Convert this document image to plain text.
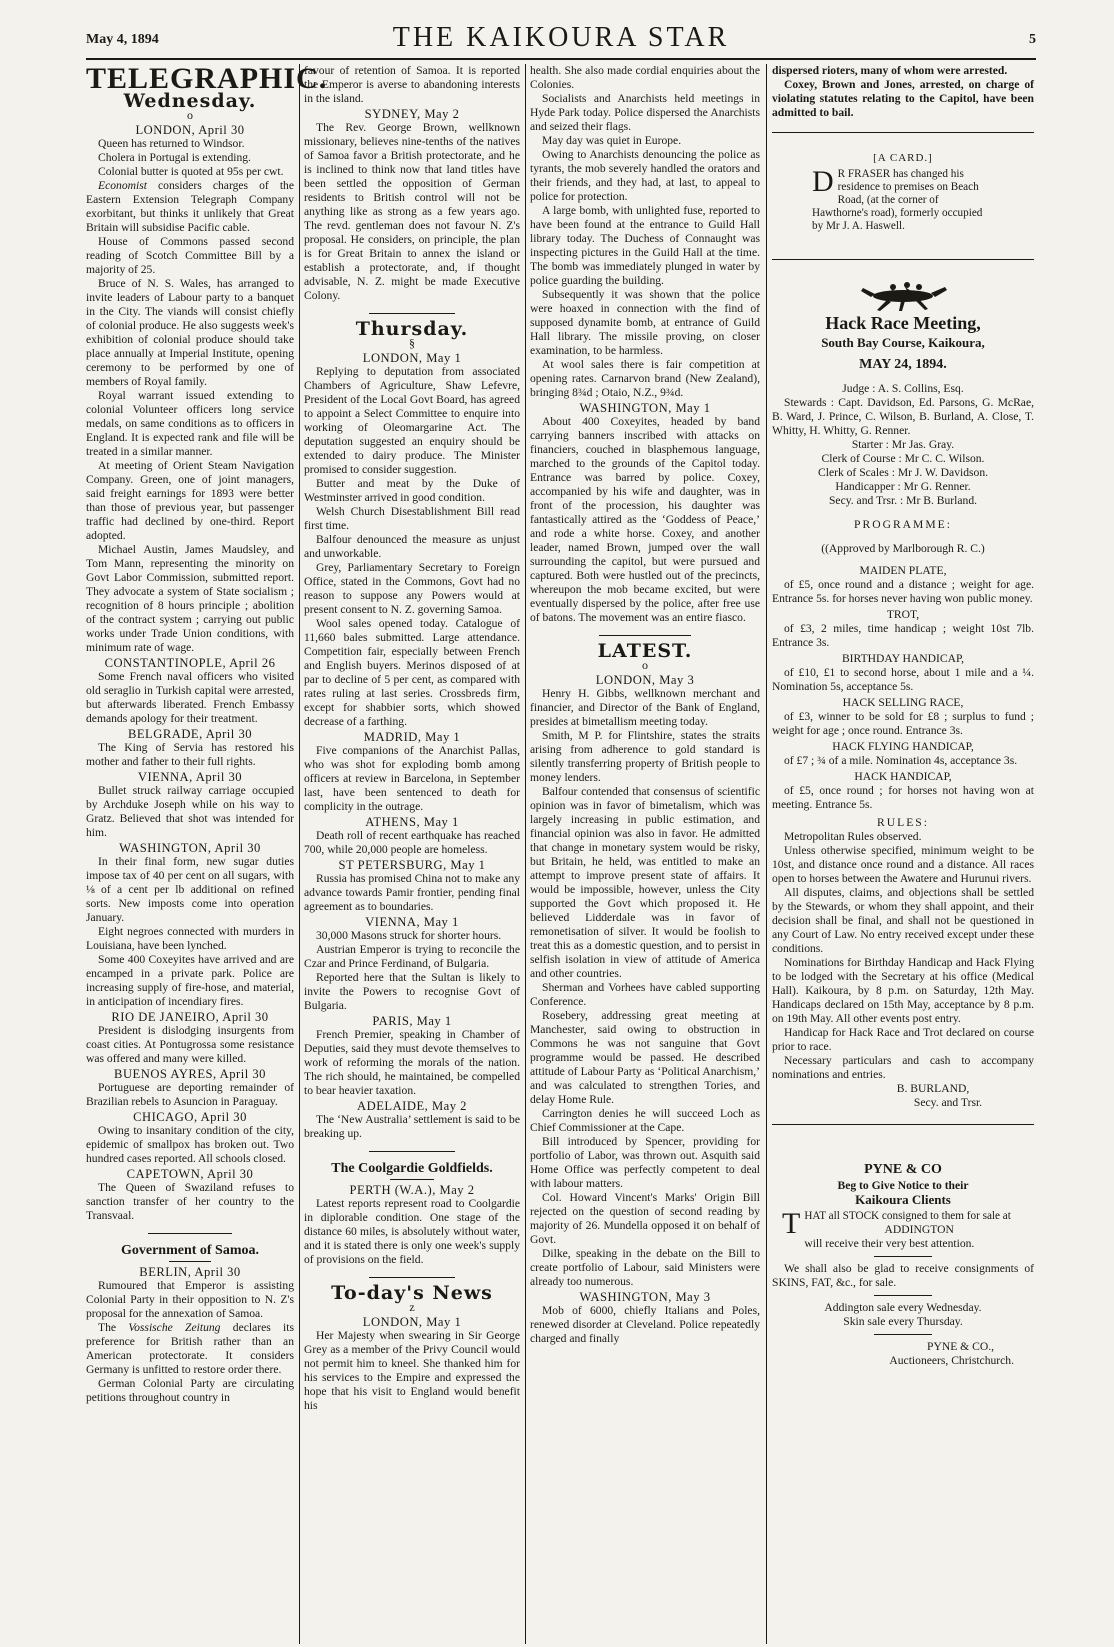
May 4, 1894	THE KAIKOURA STAR	5
TELEGRAPHIC.
Wednesday.
o

LONDON, April 30

Queen has returned to Windsor.

Cholera in Portugal is extending.

Colonial butter is quoted at 95s per cwt.

Economist considers charges of the Eastern Extension Telegraph Company exorbitant, but thinks it unlikely that Great Britain will subsidise Pacific cable.

House of Commons passed second reading of Scotch Committee Bill by a majority of 25.

Bruce of N. S. Wales, has arranged to invite leaders of Labour party to a banquet in the City. The viands will consist chiefly of colonial produce. He also suggests week's exhibition of colonial produce should take place annually at Imperial Institute, opening ceremony to be performed by one of members of Royal family.

Royal warrant issued extending to colonial Volunteer officers long service medals, on same conditions as to officers in England. It is expected rank and file will be treated in a similar manner.

At meeting of Orient Steam Navigation Company. Green, one of joint managers, said freight earnings for 1893 were better than those of previous year, but passenger traffic had declined by one-third. Report adopted.

Michael Austin, James Maudsley, and Tom Mann, representing the minority on Govt Labor Commission, submitted report. They advocate a system of State socialism ; recognition of 8 hours principle ; abolition of the contract system ; carrying out public works under Trade Union conditions, with minimum rate of wage.

CONSTANTINOPLE, April 26

Some French naval officers who visited old seraglio in Turkish capital were arrested, but afterwards liberated. French Embassy demands apology for their treatment.

BELGRADE, April 30

The King of Servia has restored his mother and father to their full rights.

VIENNA, April 30

Bullet struck railway carriage occupied by Archduke Joseph while on his way to Gratz. Believed that shot was intended for him.

WASHINGTON, April 30

In their final form, new sugar duties impose tax of 40 per cent on all sugars, with ⅛ of a cent per lb additional on refined sorts. New imposts come into operation January.

Eight negroes connected with murders in Louisiana, have been lynched.

Some 400 Coxeyites have arrived and are encamped in a private park. Police are increasing supply of fire-hose, and material, in anticipation of incendiary fires.

RIO DE JANEIRO, April 30

President is dislodging insurgents from coast cities. At Pontugrossa some resistance was offered and many were killed.

BUENOS AYRES, April 30

Portuguese are deporting remainder of Brazilian rebels to Asuncion in Paraguay.

CHICAGO, April 30

Owing to insanitary condition of the city, epidemic of smallpox has broken out. Two hundred cases reported. All schools closed.

CAPETOWN, April 30

The Queen of Swaziland refuses to sanction transfer of her country to the Transvaal.

Government of Samoa.

BERLIN, April 30

Rumoured that Emperor is assisting Colonial Party in their opposition to N. Z's proposal for the annexation of Samoa.

The Vossische Zeitung declares its preference for British rather than an American protectorate. It considers Germany is unfitted to restore order there.

German Colonial Party are circulating petitions throughout country in

favour of retention of Samoa. It is reported the Emperor is averse to abandoning interests in the island.

SYDNEY, May 2

The Rev. George Brown, wellknown missionary, believes nine-tenths of the natives of Samoa favor a British protectorate, and he is inclined to think now that land titles have been settled the opposition of German residents to British control will not be anything like as strong as a few years ago. The revd. gentleman does not favour N. Z's proposal. He considers, on principle, the plan is for Great Britain to annex the island or establish a protectorate, and, if thought advisable, N. Z. might be made Executive Colony.

Thursday.
§

LONDON, May 1

Replying to deputation from associated Chambers of Agriculture, Shaw Lefevre, President of the Local Govt Board, has agreed to appoint a Select Committee to enquire into working of Oleomargarine Act. The deputation suggested an enquiry should be extended to dairy produce. The Minister promised to consider suggestion.

Butter and meat by the Duke of Westminster arrived in good condition.

Welsh Church Disestablishment Bill read first time.

Balfour denounced the measure as unjust and unworkable.

Grey, Parliamentary Secretary to Foreign Office, stated in the Commons, Govt had no reason to suppose any Powers would at present consent to N. Z. governing Samoa.

Wool sales opened today. Catalogue of 11,660 bales submitted. Large attendance. Competition fair, especially between French and English buyers. Merinos disposed of at par to decline of 5 per cent, as compared with rates ruling at last series. Crossbreds firm, except for shabbier sorts, which showed decrease of a farthing.

MADRID, May 1

Five companions of the Anarchist Pallas, who was shot for exploding bomb among officers at review in Barcelona, in September last, have been sentenced to death for complicity in the outrage.

ATHENS, May 1

Death roll of recent earthquake has reached 700, while 20,000 people are homeless.

ST PETERSBURG, May 1

Russia has promised China not to make any advance towards Pamir frontier, pending final agreement as to boundaries.

VIENNA, May 1

30,000 Masons struck for shorter hours.

Austrian Emperor is trying to reconcile the Czar and Prince Ferdinand, of Bulgaria.

Reported here that the Sultan is likely to invite the Powers to recognise Govt of Bulgaria.

PARIS, May 1

French Premier, speaking in Chamber of Deputies, said they must devote themselves to work of reforming the morals of the nation. The rich should, he maintained, be compelled to bear heavier taxation.

ADELAIDE, May 2

The ‘New Australia’ settlement is said to be breaking up.

The Coolgardie Goldfields.

PERTH (W.A.), May 2

Latest reports represent road to Coolgardie in diplorable condition. One stage of the distance 60 miles, is absolutely without water, and it is stated there is only one week's supply of provisions on the field.

To-day's News
z

LONDON, May 1

Her Majesty when swearing in Sir George Grey as a member of the Privy Council would not permit him to kneel. She thanked him for his services to the Empire and expressed the hope that his visit to England would benefit his

health. She also made cordial enquiries about the Colonies.

Socialists and Anarchists held meetings in Hyde Park today. Police dispersed the Anarchists and seized their flags.

May day was quiet in Europe.

Owing to Anarchists denouncing the police as tyrants, the mob severely handled the orators and their friends, and they had, at last, to appeal to police for protection.

A large bomb, with unlighted fuse, reported to have been found at the entrance to Guild Hall library today. The Duchess of Connaught was inspecting pictures in the Guild Hall at the time. The bomb was immediately plunged in water by police guarding the building.

Subsequently it was shown that the police were hoaxed in connection with the find of supposed dynamite bomb, at entrance of Guild Hall library. The missile proving, on closer examination, to be harmless.

At wool sales there is fair competition at opening rates. Carnarvon brand (New Zealand), bringing 8¾d ; Otaio, N.Z., 9¾d.

WASHINGTON, May 1

About 400 Coxeyites, headed by band carrying banners inscribed with attacks on financiers, couched in blasphemous language, marched to the grounds of the Capitol today. Entrance was barred by police. Coxey, accompanied by his wife and daughter, was in front of the procession, his daughter was fantastically attired as the ‘Goddess of Peace,’ and rode a white horse. Coxey, and another leader, named Brown, jumped over the wall surrounding the capitol, but were pursued and captured. Both were hustled out of the precincts, whereupon the mob became excited, but were eventually dispersed by the police, after free use of batons. The movement was an entire fiasco.

LATEST.
o

LONDON, May 3

Henry H. Gibbs, wellknown merchant and financier, and Director of the Bank of England, presides at bimetallism meeting today.

Smith, M P. for Flintshire, states the straits arising from adherence to gold standard is silently transferring property of British people to money lenders.

Balfour contended that consensus of scientific opinion was in favor of bimetalism, which was largely increasing in public estimation, and financial opinion was also in favor. He admitted that change in monetary system would be risky, but Britain, he held, was entitled to make an attempt to improve present state of affairs. It would be impossible, however, unless the City supported the Govt which proposed it. He believed Lidderdale was in favor of remonetisation of silver. It would be foolish to treat this as a domestic question, and to persist in selfish isolation in view of attitude of America and other countries.

Sherman and Vorhees have cabled supporting Conference.

Rosebery, addressing great meeting at Manchester, said owing to obstruction in Commons he was not sanguine that Govt programme would be passed. He described attitude of Labour Party as ‘Political Anarchism,’ and was calculated to strengthen Tories, and delay Home Rule.

Carrington denies he will succeed Loch as Chief Commissioner at the Cape.

Bill introduced by Spencer, providing for portfolio of Labor, was thrown out. Asquith said Home Office was perfectly competent to deal with labour matters.

Col. Howard Vincent's Marks' Origin Bill rejected on the question of second reading by majority of 26. Mundella opposed it on behalf of Govt.

Dilke, speaking in the debate on the Bill to create portfolio of Labour, said Ministers were already too numerous.

WASHINGTON, May 3

Mob of 6000, chiefly Italians and Poles, renewed disorder at Cleveland. Police repeatedly charged and finally

dispersed rioters, many of whom were arrested.

Coxey, Brown and Jones, arrested, on charge of violating statutes relating to the Capitol, have been admitted to bail.

[A CARD.]
D R FRASER has changed his residence to premises on Beach Road, (at the corner of Hawthorne's road), formerly occupied by Mr J. A. Haswell.
Hack Race Meeting,
South Bay Course, Kaikoura,
MAY 24, 1894.

Judge : A. S. Collins, Esq.

Stewards : Capt. Davidson, Ed. Parsons, G. McRae, B. Ward, J. Prince, C. Wilson, B. Burland, A. Close, T. Whitty, H. Whitty, G. Renner.

Starter : Mr Jas. Gray.

Clerk of Course : Mr C. C. Wilson.

Clerk of Scales : Mr J. W. Davidson.

Handicapper : Mr G. Renner.

Secy. and Trsr. : Mr B. Burland.

PROGRAMME:

((Approved by Marlborough R. C.)

MAIDEN PLATE,

of £5, once round and a distance ; weight for age. Entrance 5s. for horses never having won public money.

TROT,

of £3, 2 miles, time handicap ; weight 10st 7lb. Entrance 3s.

BIRTHDAY HANDICAP,

of £10, £1 to second horse, about 1 mile and a ¼. Nomination 5s, acceptance 5s.

HACK SELLING RACE,

of £3, winner to be sold for £8 ; surplus to fund ; weight for age ; once round. Entrance 3s.

HACK FLYING HANDICAP,

of £7 ; ¾ of a mile. Nomination 4s, acceptance 3s.

HACK HANDICAP,

of £5, once round ; for horses not having won at meeting. Entrance 5s.

RULES:

Metropolitan Rules observed.

Unless otherwise specified, minimum weight to be 10st, and distance once round and a distance. All races open to horses between the Awatere and Hurunui rivers.

All disputes, claims, and objections shall be settled by the Stewards, or whom they shall appoint, and their decision shall be final, and shall not be questioned in any Court of Law. No entry received except under these conditions.

Nominations for Birthday Handicap and Hack Flying to be lodged with the Secretary at his office (Medical Hall). Kaikoura, by 8 p.m. on Saturday, 12th May. Handicaps declared on 15th May, acceptance by 8 p.m. on 19th May. All other events post entry.

Handicap for Hack Race and Trot declared on course prior to race.

Necessary particulars and cash to accompany nominations and entries.

B. BURLAND,

Secy. and Trsr.

PYNE & CO
Beg to Give Notice to their
Kaikoura Clients
T HAT all STOCK consigned to them for sale at

ADDINGTON

will receive their very best attention.

We shall also be glad to receive consignments of SKINS, FAT, &c., for sale.

Addington sale every Wednesday.

Skin sale every Thursday.

PYNE & CO.,

Auctioneers, Christchurch.
